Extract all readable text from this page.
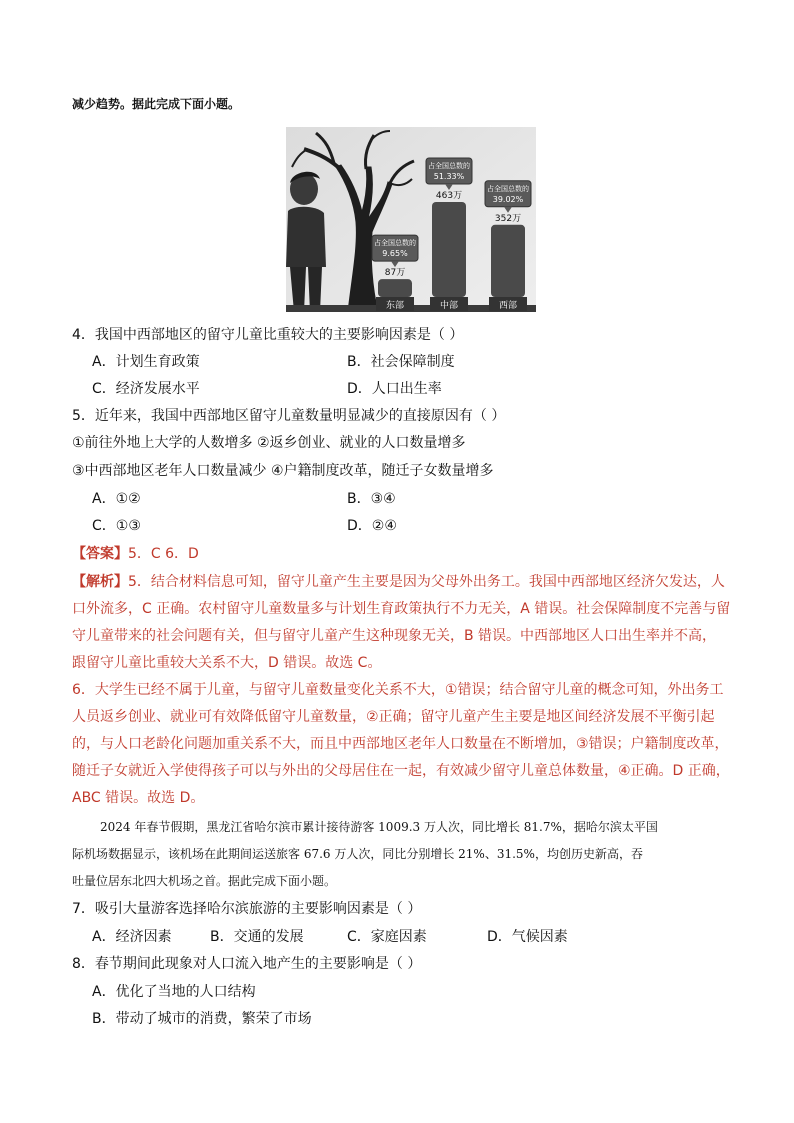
减少趋势。据此完成下面小题。
东部
87万
占全国总数的
9.65%
中部
463万
占全国总数的
51.33%
西部
352万
占全国总数的
39.02%
4．我国中西部地区的留守儿童比重较大的主要影响因素是（ ）
A．计划生育政策	B．社会保障制度
C．经济发展水平	D．人口出生率
5．近年来，我国中西部地区留守儿童数量明显减少的直接原因有（ ）
①前往外地上大学的人数增多 ②返乡创业、就业的人口数量增多
③中西部地区老年人口数量减少 ④户籍制度改革，随迁子女数量增多
A．①②	B．③④
C．①③	D．②④
【答案】5．C 6．D
【解析】5．结合材料信息可知，留守儿童产生主要是因为父母外出务工。我国中西部地区经济欠发达，人
口外流多，C 正确。农村留守儿童数量多与计划生育政策执行不力无关，A 错误。社会保障制度不完善与留
守儿童带来的社会问题有关，但与留守儿童产生这种现象无关，B 错误。中西部地区人口出生率并不高，
跟留守儿童比重较大关系不大，D 错误。故选 C。
6．大学生已经不属于儿童，与留守儿童数量变化关系不大，①错误；结合留守儿童的概念可知，外出务工
人员返乡创业、就业可有效降低留守儿童数量，②正确；留守儿童产生主要是地区间经济发展不平衡引起
的，与人口老龄化问题加重关系不大，而且中西部地区老年人口数量在不断增加，③错误；户籍制度改革，
随迁子女就近入学使得孩子可以与外出的父母居住在一起，有效减少留守儿童总体数量，④正确。D 正确，
ABC 错误。故选 D。
2024 年春节假期，黑龙江省哈尔滨市累计接待游客 1009.3 万人次，同比增长 81.7%，据哈尔滨太平国
际机场数据显示，该机场在此期间运送旅客 67.6 万人次，同比分别增长 21%、31.5%，均创历史新高，吞
吐量位居东北四大机场之首。据此完成下面小题。
7．吸引大量游客选择哈尔滨旅游的主要影响因素是（ ）
A．经济因素	B．交通的发展	C．家庭因素	D．气候因素
8．春节期间此现象对人口流入地产生的主要影响是（ ）
A．优化了当地的人口结构
B．带动了城市的消费，繁荣了市场
